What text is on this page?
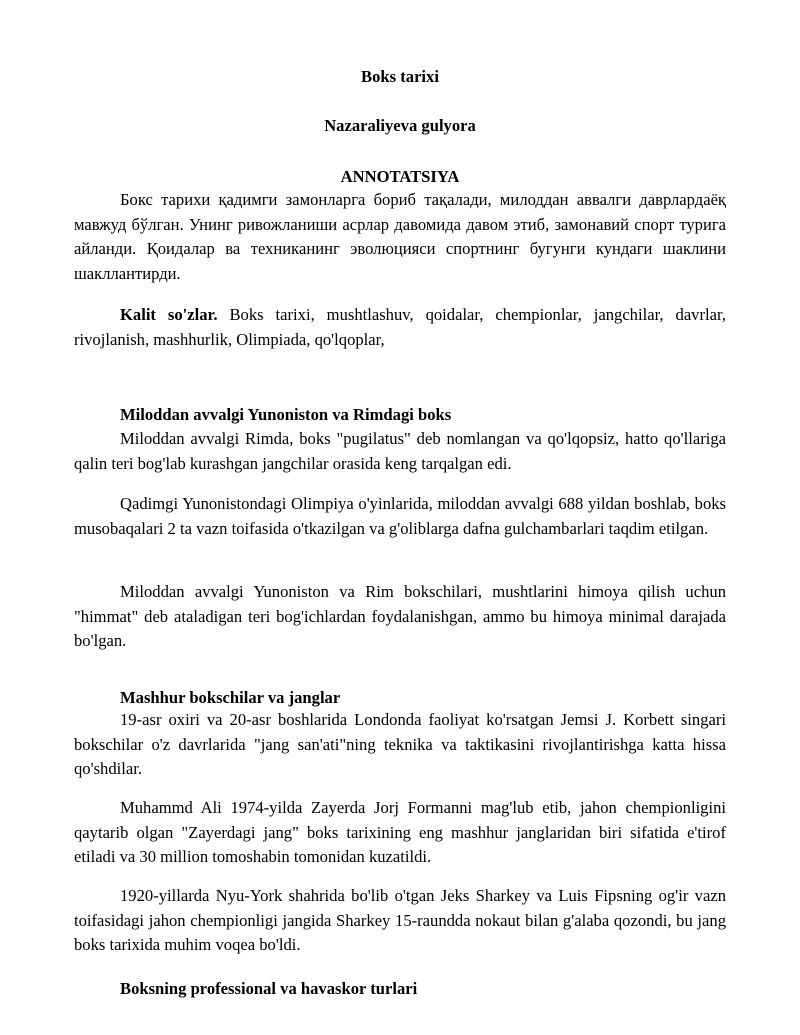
Boks tarixi
Nazaraliyeva gulyora
ANNOTATSIYA

Бокс тарихи қадимги замонларга бориб тақалади, милоддан аввалги даврлардаёқ мавжуд бўлган. Унинг ривожланиши асрлар давомида давом этиб, замонавий спорт турига айланди. Қоидалар ва техниканинг эволюцияси спортнинг бугунги кундаги шаклини шакллантирди.

Kalit so'zlar. Boks tarixi, mushtlashuv, qoidalar, chempionlar, jangchilar, davrlar, rivojlanish, mashhurlik, Olimpiada, qo'lqoplar,

Miloddan avvalgi Yunoniston va Rimdagi boks

Miloddan avvalgi Rimda, boks "pugilatus" deb nomlangan va qo'lqopsiz, hatto qo'llariga qalin teri bog'lab kurashgan jangchilar orasida keng tarqalgan edi.

Qadimgi Yunonistondagi Olimpiya o'yinlarida, miloddan avvalgi 688 yildan boshlab, boks musobaqalari 2 ta vazn toifasida o'tkazilgan va g'oliblarga dafna gulchambarlari taqdim etilgan.

Miloddan avvalgi Yunoniston va Rim bokschilari, mushtlarini himoya qilish uchun "himmat" deb ataladigan teri bog'ichlardan foydalanishgan, ammo bu himoya minimal darajada bo'lgan.

Mashhur bokschilar va janglar

19-asr oxiri va 20-asr boshlarida Londonda faoliyat ko'rsatgan Jemsi J. Korbett singari bokschilar o'z davrlarida "jang san'ati"ning teknika va taktikasini rivojlantirishga katta hissa qo'shdilar.

Muhammd Ali 1974-yilda Zayerda Jorj Formanni mag'lub etib, jahon chempionligini qaytarib olgan "Zayerdagi jang" boks tarixining eng mashhur janglaridan biri sifatida e'tirof etiladi va 30 million tomoshabin tomonidan kuzatildi.

1920-yillarda Nyu-York shahrida bo'lib o'tgan Jeks Sharkey va Luis Fipsning og'ir vazn toifasidagi jahon chempionligi jangida Sharkey 15-raundda nokaut bilan g'alaba qozondi, bu jang boks tarixida muhim voqea bo'ldi.

Boksning professional va havaskor turlari
